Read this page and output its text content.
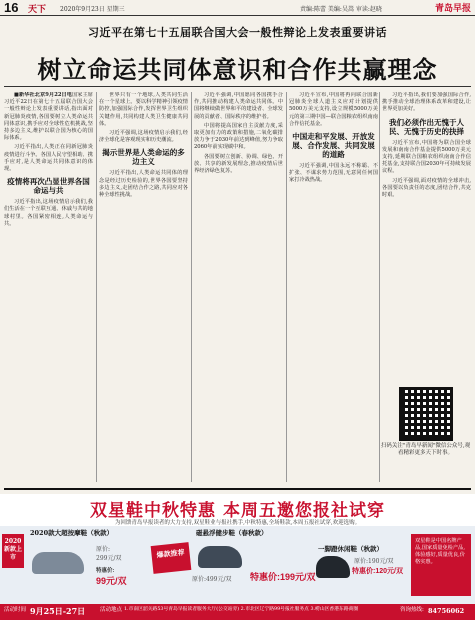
16 天下 2020年9月23日 星期三	责编:陈蕾 美编:吴嵩 审读:赵晓	青岛早报
习近平在第七十五届联合国大会一般性辩论上发表重要讲话
树立命运共同体意识和合作共赢理念

■新华社北京9月22日电国家主席习近平22日在第七十五届联合国大会一般性辩论上发表重要讲话,指出面对新冠肺炎疫情,各国要树立人类命运共同体意识,携手应对全球性危机挑战,坚持多边主义,维护以联合国为核心的国际体系。

习近平指出,人类正在同新冠肺炎疫情进行斗争。各国人民守望相助、携手应对,是人类命运共同体意识的体现。

疫情将再次凸显世界各国命运与共

习近平指出,这场疫情启示我们,我们生活在一个互联互通、休戚与共的地球村里。各国紧密相连,人类命运与共。

世界只有一个地球,人类共同生活在一个星球上。要以科学精神引领疫情防控,加强国际合作,发挥世界卫生组织关键作用,共同构建人类卫生健康共同体。

习近平强调,这场疫情启示我们,经济全球化是客观现实和历史潮流。

揭示世界是人类命运的多边主义

习近平指出,人类命运共同体的理念是经过历史检验的,世界各国要坚持多边主义,走团结合作之路,共同应对各种全球性挑战。

习近平强调,中国愿同各国携手合作,共同推动构建人类命运共同体。中国将继续做世界和平的建设者、全球发展的贡献者、国际秩序的维护者。

中国将提高国家自主贡献力度,采取更加有力的政策和措施,二氧化碳排放力争于2030年前达到峰值,努力争取2060年前实现碳中和。

各国要树立创新、协调、绿色、开放、共享的新发展理念,推动疫情后世界经济绿色复苏。

习近平宣布,中国将再向联合国新冠肺炎全球人道主义应对计划提供5000万美元支持,设立规模5000万美元的第三期中国—联合国粮农组织南南合作信托基金。

中国走和平发展、开放发展、合作发展、共同发展的道路

习近平强调,中国永远不称霸、不扩张、不谋求势力范围,无意同任何国家打冷战热战。

习近平指出,我们要加强国际合作,携手推动全球治理体系改革和建设,让世界更加美好。

我们必须作出无愧于人民、无愧于历史的抉择

习近平宣布,中国将为联合国全球发展和南南合作基金提供5000万美元支持,延期联合国粮农组织南南合作信托基金,支持联合国2030年可持续发展议程。

习近平强调,面对疫情的全球冲击,各国要以负责任的态度,团结合作,共克时艰。

扫码关注"青岛早新闻"微信公众号,观看精彩更多天下时事。
双星鞋中秋特惠 本周五邀您报社试穿
为回馈青岛早报读者的大力支持,双星鞋业与报社携手,中秋特惠,全场鞋款,本周五报社试穿,欢迎选购。
2020新款上市
2020款大超按摩鞋（秋款）
原价:
299元/双
特惠价:
99元/双
爆款推荐
磁悬浮健步鞋（春秋款）
原价:499元/双 特惠价:199元/双
一脚蹬休闲鞋（秋款）
原价:190元/双
特惠价:120元/双
双星鞋是中国名牌产品,国家质量免检产品,体验感好,质量优良,价格实惠。
活动时间 9月25日-27日	活动地点 1.市南区韶关路53号青岛早报读者服务大厅(公交站旁) 2.市北区辽宁路99号报社服务点 3.崂山区香港东路商圈	咨询热线: 84756062
